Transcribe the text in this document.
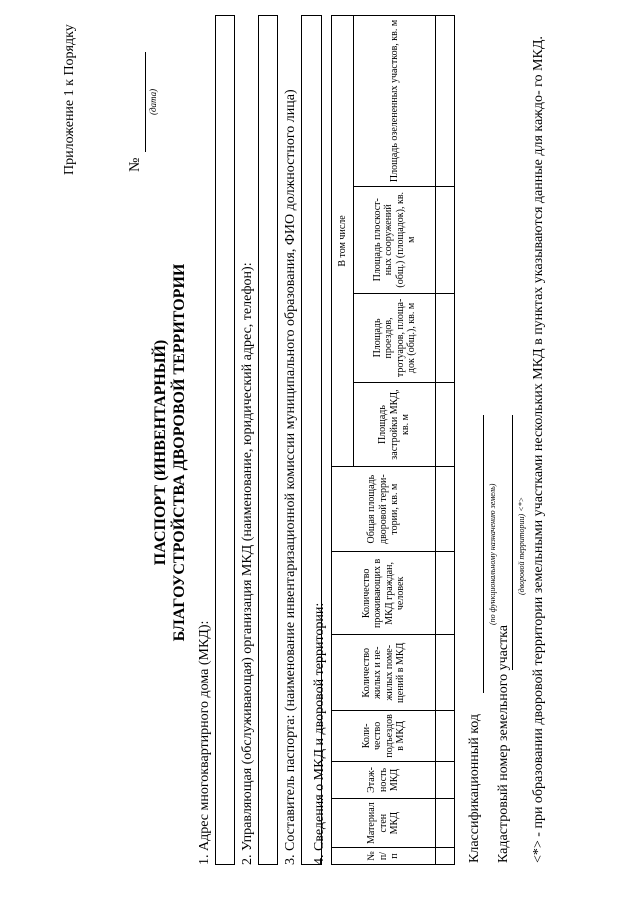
Приложение 1 к Порядку	№
(дата)
ПАСПОРТ (ИНВЕНТАРНЫЙ) БЛАГОУСТРОЙСТВА ДВОРОВОЙ ТЕРРИТОРИИ
1. Адрес многоквартирного дома (МКД): 2. Управляющая (обслуживающая) организация МКД (наименование, юридический адрес, телефон): 3. Составитель паспорта: (наименование инвентаризационной комиссии муниципального образования, ФИО должностного лица) 4. Сведения о МКД и дворовой территории:	№ п/п	Материал стен МКД	Этаж- ность МКД	Коли- чество подъездов в МКД	Количество жилых и не- жилых поме- щений в МКД	Количество проживающих в МКД граждан, человек	Общая площадь дворовой терри- тории, кв. м	В том числе			
							Площадь застройки МКД, кв. м	Площадь проездов, тротуаров, площа- док (общ.), кв. м	Площадь плоскост- ных сооружений (общ.) (площадок), кв. м	Площадь озелененных участков, кв. м

Классификационный код
(по функциональному назначению земель)
Кадастровый номер земельного участка
(дворовой территории) <*> <*> - при образовании дворовой территории земельными участками нескольких МКД в пунктах указываются данные для каждо- го МКД.
